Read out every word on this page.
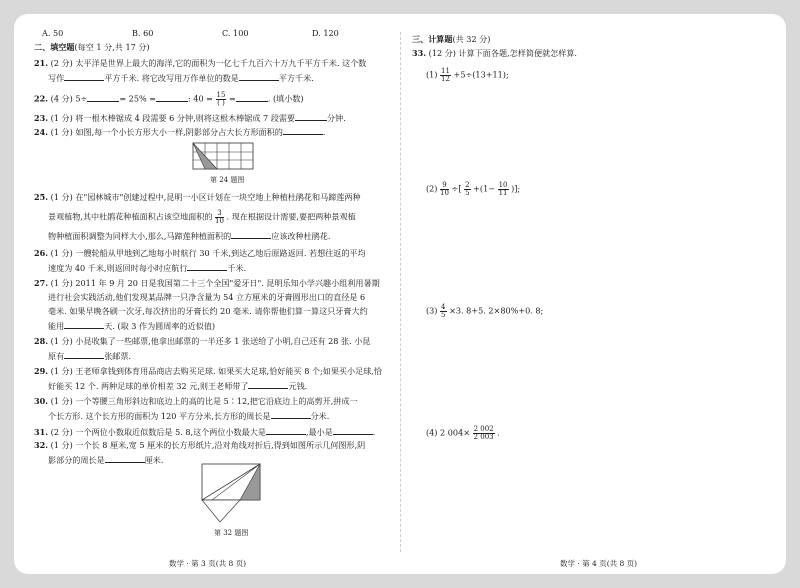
A. 50	B. 60	C. 100	D. 120
二、填空题(每空 1 分,共 17 分)
21. (2 分) 太平洋是世界上最大的海洋,它的面积为一亿七千九百六十万九千平方千米. 这个数
写作	平方千米. 将它改写用万作单位的数是	平方千米.
22. (4 分) 5÷	= 25% =	: $40 = \frac{15}{( )}$ =	. (填小数)
23. (1 分) 将一根木棒锯成 4 段需要 6 分钟,则将这根木棒锯成 7 段需要	分钟.
24. (1 分) 如图,每一个小长方形大小一样,阴影部分占大长方形面积的	.
第 24 题图
25. (1 分) 在"园林城市"创建过程中,昆明一小区计划在一块空地上种植杜鹃花和马蹄莲两种
景观植物,其中杜鹃花种植面积占该空地面积的 $\frac{3}{10}$ . 现在根据设计需要,要把两种景观植
物种植面积调整为同样大小,那么,马蹄莲种植面积的	应该改种杜鹃花.
26. (1 分) 一艘轮船从甲地到乙地每小时航行 30 千米,到达乙地后原路返回. 若想往返的平均
速度为 40 千米,则返回时每小时应航行	千米.
27. (1 分) 2011 年 9 月 20 日是我国第二十三个全国"爱牙日". 昆明乐知小学兴趣小组利用暑期
进行社会实践活动,他们发现某品牌一只净含量为 54 立方厘米的牙膏圆形出口的直径是 6
毫米. 如果早晚各刷一次牙,每次挤出的牙膏长约 20 毫米. 请你帮他们算一算这只牙膏大约
能用	天. (取 3 作为圆周率的近似值)
28. (1 分) 小昆收集了一些邮票,他拿出邮票的一半还多 1 张送给了小明,自己还有 28 张. 小昆
原有	张邮票.
29. (1 分) 王老师拿钱到体育用品商店去购买足球. 如果买大足球,恰好能买 8 个;如果买小足球,恰
好能买 12 个. 两种足球的单价相差 32 元,则王老师带了	元钱.
30. (1 分) 一个等腰三角形斜边和底边上的高的比是 5∶12,把它沿底边上的高剪开,拼成一
个长方形. 这个长方形的面积为 120 平方分米,长方形的周长是	分米.
31. (2 分) 一个两位小数取近似数后是 5. 8,这个两位小数最大是	,最小是	.
32. (1 分) 一个长 8 厘米,宽 5 厘米的长方形纸片,沿对角线对折后,得到如图所示几何图形,阴
影部分的周长是	厘米.
第 32 题图
数学 · 第 3 页(共 8 页)
三、计算题(共 32 分)
33. (12 分) 计算下面各题,怎样简便就怎样算.
$(1) \frac{11}{12} +5\div(13+11)$;
$(2) \frac{9}{10}$ ÷[ $\frac{2}{5} +(1- \frac{10}{11}$ )];
$(3) \frac{4}{5} \times 3$. 8+5. 2×80%+0. 8;
(4) 2 $004\times \frac{2 002}{2 003}$ .
数学 · 第 4 页(共 8 页)
